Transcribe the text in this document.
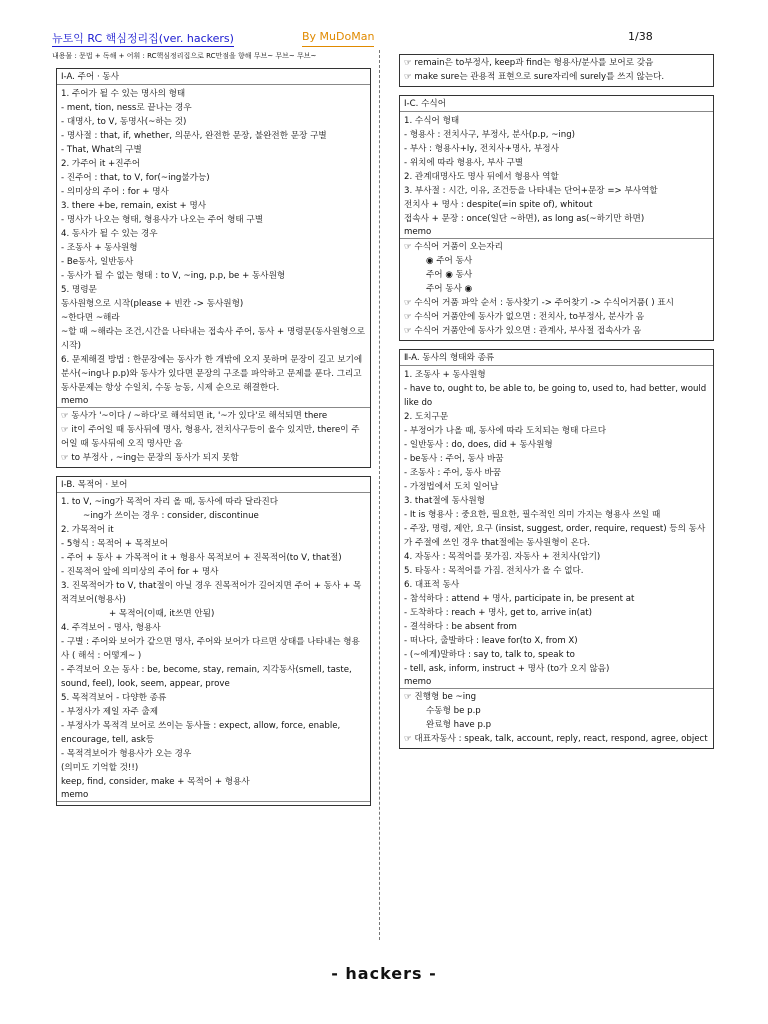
뉴토익 RC 핵심정리집(ver. hackers)	By MuDoMan	1/38
내용물 : 문법 + 독해 + 어휘 : RC핵심정리집으로 RC만점을 향해 무브~ 무브~ 무브~
Ⅰ-A. 주어 · 동사
1. 주어가 될 수 있는 명사의 형태
- ment, tion, ness로 끝나는 경우
- 대명사, to V, 동명사(~하는 것)
- 명사절 : that, if, whether, 의문사, 완전한 문장, 불완전한 문장 구별
- That, What의 구별
2. 가주어 it +진주어
- 진주어 : that, to V, for(~ing불가능)
- 의미상의 주어 : for + 명사
3. there +be, remain, exist + 명사
- 명사가 나오는 형태, 형용사가 나오는 주어 형태 구별
4. 동사가 될 수 있는 경우
- 조동사 + 동사원형
- Be동사, 일반동사
- 동사가 될 수 없는 형태 : to V, ~ing, p.p, be + 동사원형
5. 명령문
동사원형으로 시작(please + 빈칸 -> 동사원형)
~한다면 ~해라
~할 때 ~해라는 조건,시간을 나타내는 접속사 주어, 동사 + 명령문(동사원형으로 시작)
6. 문제해결 방법 : 한문장에는 동사가 한 개밖에 오지 못하며 문장이 길고 보기에 분사(~ing나 p.p)와 동사가 있다면 문장의 구조를 파악하고 문제를 푼다. 그리고 동사문제는 항상 수일치, 수동 능동, 시제 순으로 해결한다.
memo
☞ 동사가 '~이다 / ~하다'로 해석되면 it, '~가 있다'로 해석되면 there
☞ it이 주어일 때 동사뒤에 명사, 형용사, 전치사구등이 올수 있지만, there이 주어일 때 동사뒤에 오직 명사만 옴
☞ to 부정사 , ~ing는 문장의 동사가 되지 못함
Ⅰ-B. 목적어 · 보어
1. to V, ~ing가 목적어 자리 올 때, 동사에 따라 달라진다
~ing가 쓰이는 경우 : consider, discontinue
2. 가목적어 it
- 5형식 : 목적어 + 목적보어
- 주어 + 동사 + 가목적어 it + 형용사 목적보어 + 진목적어(to V, that절)
- 진목적어 앞에 의미상의 주어 for + 명사
3. 진목적어가 to V, that절이 아닐 경우 진목적어가 길어지면 주어 + 동사 + 목적격보어(형용사)
+ 목적어(이때, it쓰면 안됨)
4. 주격보어 - 명사, 형용사
- 구별 : 주어와 보어가 같으면 명사, 주어와 보어가 다르면 상태를 나타내는 형용사 ( 해석 : 어떻게~ )
- 주격보어 오는 동사 : be, become, stay, remain, 지각동사(smell, taste, sound, feel), look, seem, appear, prove
5. 목적격보어 - 다양한 종류
- 부정사가 제일 자주 출제
- 부정사가 목적격 보어로 쓰이는 동사들 : expect, allow, force, enable, encourage, tell, ask등
- 목적격보어가 형용사가 오는 경우
(의미도 기억할 것!!)
keep, find, consider, make + 목적어 + 형용사
memo
☞ remain은 to부정사, keep과 find는 형용사/분사를 보어로 갖음
☞ make sure는 관용적 표현으로 sure자리에 surely를 쓰지 않는다.
Ⅰ-C. 수식어
1. 수식어 형태
- 형용사 : 전치사구, 부정사, 분사(p.p, ~ing)
- 부사 : 형용사+ly, 전치사+명사, 부정사
- 위치에 따라 형용사, 부사 구별
2. 관계대명사도 명사 뒤에서 형용사 역할
3. 부사절 : 시간, 이유, 조건등을 나타내는 단어+문장 => 부사역할
전치사 + 명사 : despite(=in spite of), whitout
접속사 + 문장 : once(일단 ~하면), as long as(~하기만 하면)
memo
☞ 수식어 거품이 오는자리
◉ 주어 동사
주어 ◉ 동사
주어 동사 ◉
☞ 수식어 거품 파악 순서 : 동사찾기 -> 주어찾기 -> 수식어거품( ) 표시
☞ 수식어 거품안에 동사가 없으면 : 전치사, to부정사, 분사가 옴
☞ 수식어 거품안에 동사가 있으면 : 관계사, 부사절 접속사가 옴
Ⅱ-A. 동사의 형태와 종류
1. 조동사 + 동사원형
- have to, ought to, be able to, be going to, used to, had better, would like do
2. 도치구문
- 부정어가 나올 때, 동사에 따라 도치되는 형태 다르다
- 일반동사 : do, does, did + 동사원형
- be동사 : 주어, 동사 바꿈
- 조동사 : 주어, 동사 바꿈
- 가정법에서 도치 일어남
3. that절에 동사원형
- It is 형용사 : 중요한, 필요한, 필수적인 의미 가지는 형용사 쓰일 때
- 주장, 명령, 제안, 요구 (insist, suggest, order, require, request) 등의 동사가 주절에 쓰인 경우 that절에는 동사원형이 온다.
4. 자동사 : 목적어를 못가짐. 자동사 + 전치사(암기)
5. 타동사 : 목적어를 가짐. 전치사가 올 수 없다.
6. 대표적 동사
- 참석하다 : attend + 명사, participate in, be present at
- 도착하다 : reach + 명사, get to, arrive in(at)
- 결석하다 : be absent from
- 떠나다, 출발하다 : leave for(to X, from X)
- (~에게)말하다 : say to, talk to, speak to
- tell, ask, inform, instruct + 명사 (to가 오지 않음)
memo
☞ 진행형 be ~ing
수동형 be p.p
완료형 have p.p
☞ 대표자동사 : speak, talk, account, reply, react, respond, agree, object
- hackers -
